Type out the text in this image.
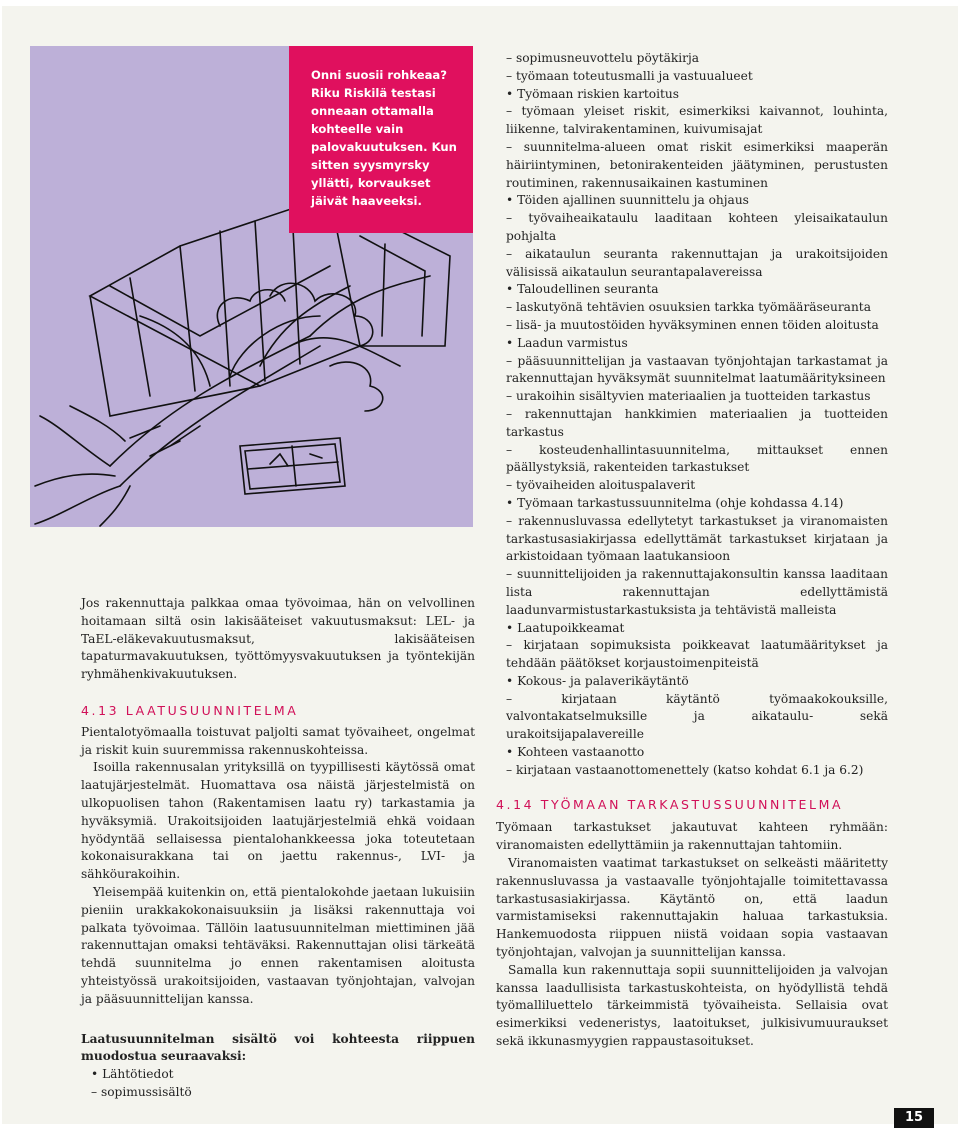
Onni suosii rohkeaa? Riku Riskilä testasi onneaan ottamalla kohteelle vain palovakuutuksen. Kun sitten syysmyrsky yllätti, korvaukset jäivät haaveeksi.

Jos rakennuttaja palkkaa omaa työvoimaa, hän on velvollinen hoitamaan siltä osin lakisääteiset vakuutusmaksut: LEL- ja TaEL-eläkevakuutusmaksut, lakisääteisen tapaturmavakuutuksen, työttömyysvakuutuksen ja työntekijän ryhmähenkivakuutuksen.

4.13 LAATUSUUNNITELMA

Pientalotyömaalla toistuvat paljolti samat työvaiheet, ongelmat ja riskit kuin suuremmissa rakennuskohteissa.

Isoilla rakennusalan yrityksillä on tyypillisesti käytössä omat laatujärjestelmät. Huomattava osa näistä järjestelmistä on ulkopuolisen tahon (Rakentamisen laatu ry) tarkastamia ja hyväksymiä. Urakoitsijoiden laatujärjestelmiä ehkä voidaan hyödyntää sellaisessa pientalohankkeessa joka toteutetaan kokonaisurakkana tai on jaettu rakennus-, LVI- ja sähköurakoihin.

Yleisempää kuitenkin on, että pientalokohde jaetaan lukuisiin pieniin urakkakokonaisuuksiin ja lisäksi rakennuttaja voi palkata työvoimaa. Tällöin laatusuunnitelman miettiminen jää rakennuttajan omaksi tehtäväksi. Rakennuttajan olisi tärkeätä tehdä suunnitelma jo ennen rakentamisen aloitusta yhteistyössä urakoitsijoiden, vastaavan työnjohtajan, valvojan ja pääsuunnittelijan kanssa.

Laatusuunnitelman sisältö voi kohteesta riippuen muodostua seuraavaksi:

• Lähtötiedot
– sopimussisältö
– sopimusneuvottelu pöytäkirja
– työmaan toteutusmalli ja vastuualueet
• Työmaan riskien kartoitus
– työmaan yleiset riskit, esimerkiksi kaivannot, louhinta, liikenne, talvirakentaminen, kuivumisajat
– suunnitelma-alueen omat riskit esimerkiksi maaperän häiriintyminen, betonirakenteiden jäätyminen, perustusten routiminen, rakennusaikainen kastuminen
• Töiden ajallinen suunnittelu ja ohjaus
– työvaiheaikataulu laaditaan kohteen yleisaikataulun pohjalta
– aikataulun seuranta rakennuttajan ja urakoitsijoiden välisissä aikataulun seurantapalavereissa
• Taloudellinen seuranta
– laskutyönä tehtävien osuuksien tarkka työmääräseuranta
– lisä- ja muutostöiden hyväksyminen ennen töiden aloitusta
• Laadun varmistus
– pääsuunnittelijan ja vastaavan työnjohtajan tarkastamat ja rakennuttajan hyväksymät suunnitelmat laatumäärityksineen
– urakoihin sisältyvien materiaalien ja tuotteiden tarkastus
– rakennuttajan hankkimien materiaalien ja tuotteiden tarkastus
– kosteudenhallintasuunnitelma, mittaukset ennen päällystyksiä, rakenteiden tarkastukset
– työvaiheiden aloituspalaverit
• Työmaan tarkastussuunnitelma (ohje kohdassa 4.14)
– rakennusluvassa edellytetyt tarkastukset ja viranomaisten tarkastusasiakirjassa edellyttämät tarkastukset kirjataan ja arkistoidaan työmaan laatukansioon
– suunnittelijoiden ja rakennuttajakonsultin kanssa laaditaan lista rakennuttajan edellyttämistä laadunvarmistustarkastuksista ja tehtävistä malleista
• Laatupoikkeamat
– kirjataan sopimuksista poikkeavat laatumääritykset ja tehdään päätökset korjaustoimenpiteistä
• Kokous- ja palaverikäytäntö
– kirjataan käytäntö työmaakokouksille, valvontakatselmuksille ja aikataulu- sekä urakoitsijapalavereille
• Kohteen vastaanotto
– kirjataan vastaanottomenettely (katso kohdat 6.1 ja 6.2)
4.14 TYÖMAAN TARKASTUSSUUNNITELMA

Työmaan tarkastukset jakautuvat kahteen ryhmään: viranomaisten edellyttämiin ja rakennuttajan tahtomiin.

Viranomaisten vaatimat tarkastukset on selkeästi määritetty rakennusluvassa ja vastaavalle työnjohtajalle toimitettavassa tarkastusasiakirjassa. Käytäntö on, että laadun varmistamiseksi rakennuttajakin haluaa tarkastuksia. Hankemuodosta riippuen niistä voidaan sopia vastaavan työnjohtajan, valvojan ja suunnittelijan kanssa.

Samalla kun rakennuttaja sopii suunnittelijoiden ja valvojan kanssa laadullisista tarkastuskohteista, on hyödyllistä tehdä työmalliluettelo tärkeimmistä työvaiheista. Sellaisia ovat esimerkiksi vedeneristys, laatoitukset, julkisivumuuraukset sekä ikkunasmyygien rappaustasoitukset.

15
